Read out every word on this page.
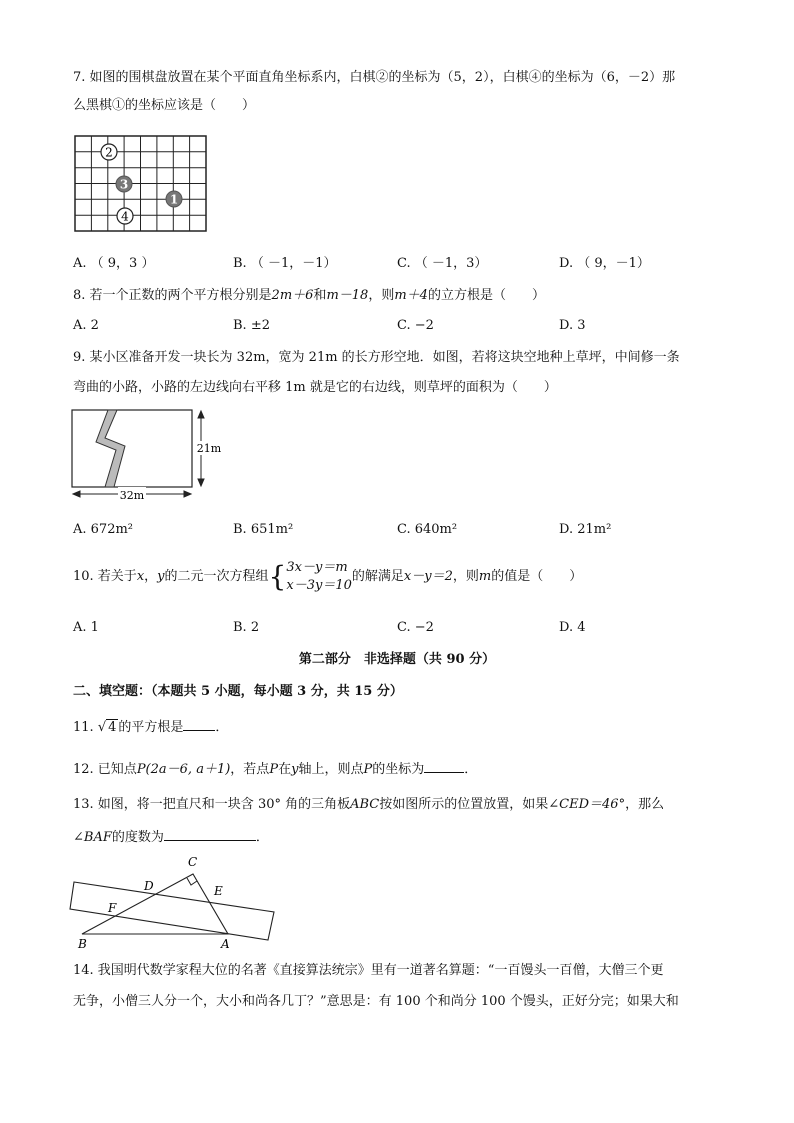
7. 如图的围棋盘放置在某个平面直角坐标系内，白棋②的坐标为（5，2），白棋④的坐标为（6，－2）那
么黑棋①的坐标应该是（　　）
2
3
1
4
A. （ 9，3 ）	B. （ －1，－1）	C. （ －1，3）	D. （ 9，－1）
8. 若一个正数的两个平方根分别是2m＋6和m－18，则m＋4的立方根是（　　）
A. 2	B. ±2	C. −2	D. 3
9. 某小区准备开发一块长为 32m，宽为 21m 的长方形空地．如图，若将这块空地种上草坪，中间修一条
弯曲的小路，小路的左边线向右平移 1m 就是它的右边线，则草坪的面积为（　　）
21m
32m
A. 672m²	B. 651m²	C. 640m²	D. 21m²
10. 若关于x，y的二元一次方程组{ 3x－y＝m
x－3y＝10
的解满足x－y＝2，则m的值是（　　）
A. 1	B. 2	C. −2	D. 4
第二部分　非选择题（共 90 分）
二、填空题：（本题共 5 小题，每小题 3 分，共 15 分）
11. √ 4 的平方根是 ．
12. 已知点P(2a－6, a＋1)，若点P在y轴上，则点P的坐标为	．
13. 如图，将一把直尺和一块含 30° 角的三角板ABC按如图所示的位置放置，如果∠CED＝46°，那么
∠BAF的度数为	．
C
D	E
F
B	A
14. 我国明代数学家程大位的名著《直接算法统宗》里有一道著名算题：“一百馒头一百僧，大僧三个更
无争，小僧三人分一个，大小和尚各几丁？”意思是：有 100 个和尚分 100 个馒头，正好分完；如果大和
